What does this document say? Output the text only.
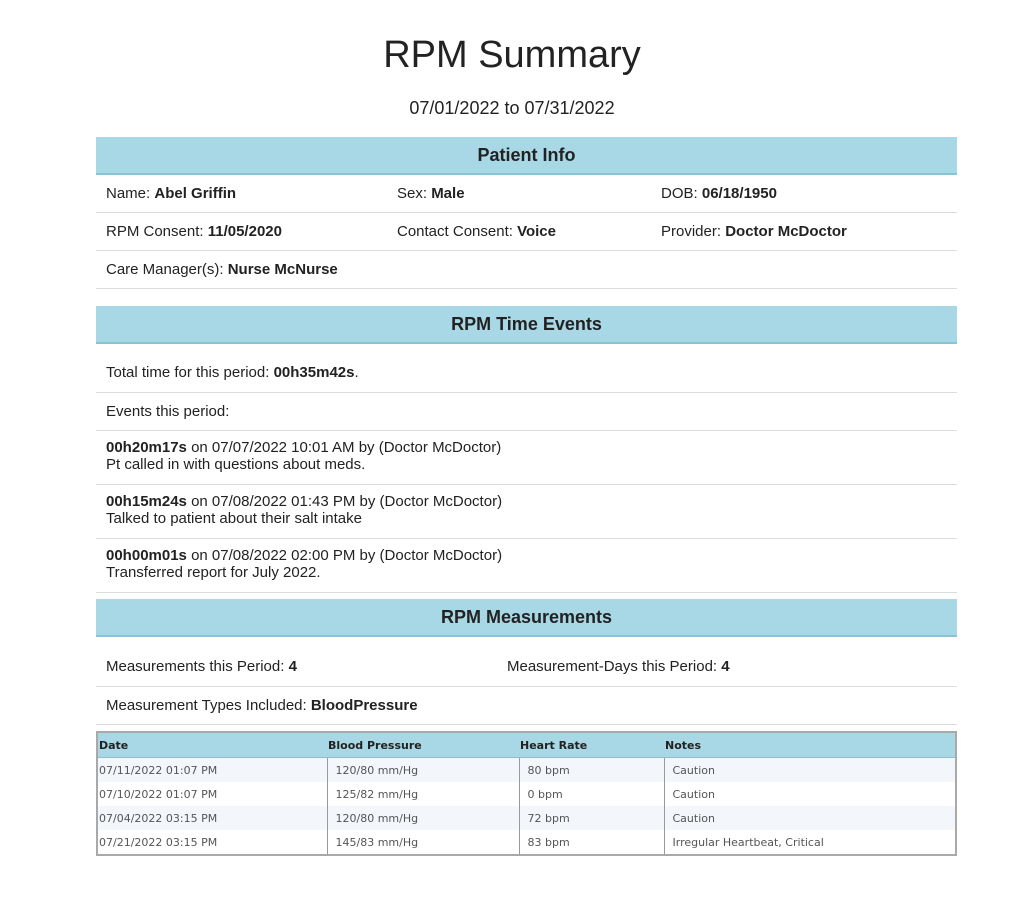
RPM Summary
07/01/2022 to 07/31/2022
Patient Info
Name: Abel Griffin	Sex: Male	DOB: 06/18/1950
RPM Consent: 11/05/2020	Contact Consent: Voice	Provider: Doctor McDoctor
Care Manager(s): Nurse McNurse
RPM Time Events
Total time for this period: 00h35m42s.
Events this period:
00h20m17s on 07/07/2022 10:01 AM by (Doctor McDoctor)
Pt called in with questions about meds.
00h15m24s on 07/08/2022 01:43 PM by (Doctor McDoctor)
Talked to patient about their salt intake
00h00m01s on 07/08/2022 02:00 PM by (Doctor McDoctor)
Transferred report for July 2022.
RPM Measurements
Measurements this Period: 4	Measurement-Days this Period: 4
Measurement Types Included: BloodPressure
Date	Blood Pressure	Heart Rate	Notes
07/11/2022 01:07 PM	120/80 mm/Hg	80 bpm	Caution
07/10/2022 01:07 PM	125/82 mm/Hg	0 bpm	Caution
07/04/2022 03:15 PM	120/80 mm/Hg	72 bpm	Caution
07/21/2022 03:15 PM	145/83 mm/Hg	83 bpm	Irregular Heartbeat, Critical
